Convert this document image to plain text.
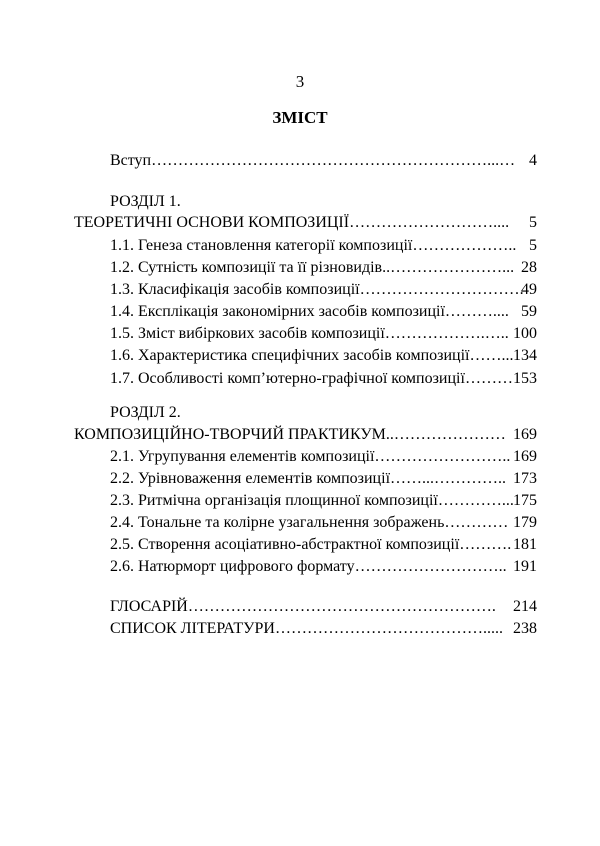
3
ЗМІСТ
Вступ………………………………………………………...… 4
РОЗДІЛ 1.
ТЕОРЕТИЧНІ ОСНОВИ КОМПОЗИЦІЇ……………………….... 5
1.1. Генеза становлення категорії композиції……………….. 5
1.2. Сутність композиції та її різновидів..…………………... 28
1.3. Класифікація засобів композиції………………………….
49
1.4. Експлікація закономірних засобів композиції……….... 59
1.5. Зміст вибіркових засобів композиції……………….….. 100
1.6. Характеристика специфічних засобів композиції……... 134
1.7. Особливості комп’ютерно-графічної композиції……… 153
РОЗДІЛ 2.
КОМПОЗИЦІЙНО-ТВОРЧИЙ ПРАКТИКУМ..………………… 169
2.1. Угрупування елементів композиції…………………….. 169
2.2. Урівноваження елементів композиції……...………….. 173
2.3. Ритмічна організація площинної композиції…………... 175
2.4. Тональне та колірне узагальнення зображень………… 179
2.5. Створення асоціативно-абстрактної композиції………. 181
2.6. Натюрморт цифрового формату……………………….. 191
ГЛОСАРІЙ…………………………………………………. 214
СПИСОК ЛІТЕРАТУРИ…………………………………..... 238
